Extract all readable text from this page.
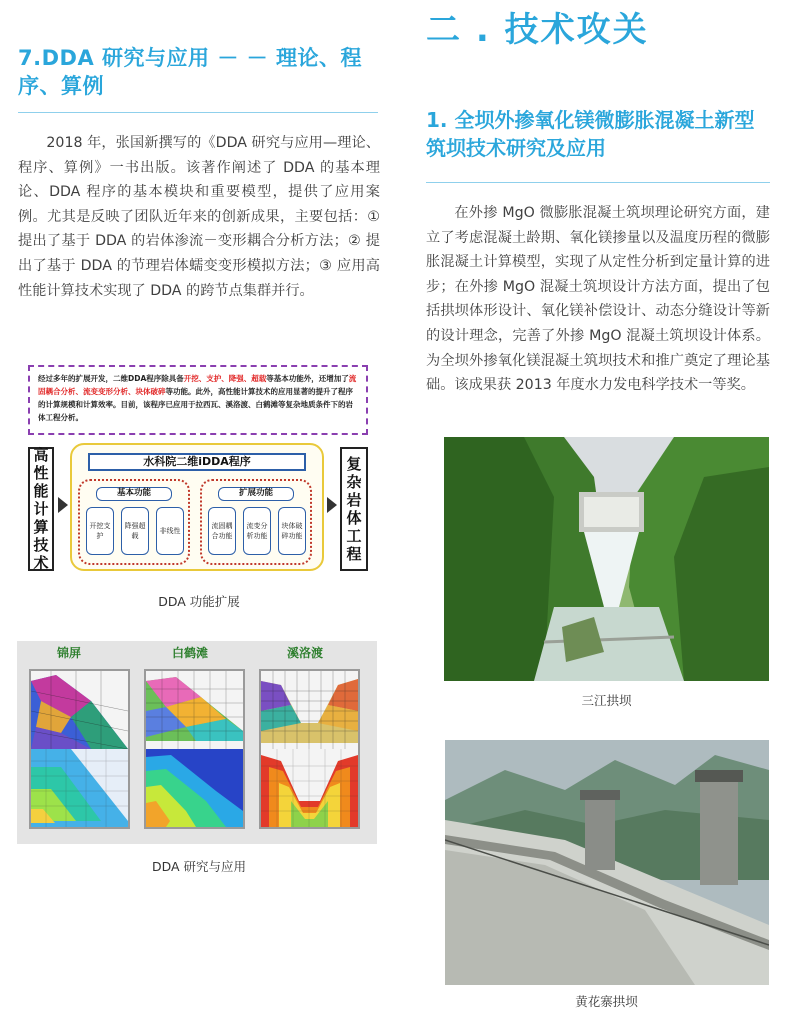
7.DDA 研究与应用 － － 理论、程序、算例

2018 年，张国新撰写的《DDA 研究与应用—理论、程序、算例》一书出版。该著作阐述了 DDA 的基本理论、DDA 程序的基本模块和重要模型，提供了应用案例。尤其是反映了团队近年来的创新成果，主要包括：①提出了基于 DDA 的岩体渗流－变形耦合分析方法；② 提出了基于 DDA 的节理岩体蠕变变形模拟方法；③ 应用高性能计算技术实现了 DDA 的跨节点集群并行。

经过多年的扩展开发，二维DDA程序除具备开挖、支护、降强、超载等基本功能外，还增加了流固耦合分析、流变变形分析、块体破碎等功能。此外，高性能计算技术的应用显著的提升了程序的计算规模和计算效率。目前，该程序已应用于拉西瓦、溪洛渡、白鹤滩等复杂地质条件下的岩体工程分析。
高性能计算技术
水科院二维iDDA程序
基本功能
开挖支护
降强超载
非线性
扩展功能
流固耦合功能
流变分析功能
块体破碎功能
复杂岩体工程

DDA 功能扩展

锦屏	白鹤滩	溪洛渡

DDA 研究与应用

二 . 技术攻关
1. 全坝外掺氧化镁微膨胀混凝土新型筑坝技术研究及应用

在外掺 MgO 微膨胀混凝土筑坝理论研究方面，建立了考虑混凝土龄期、氧化镁掺量以及温度历程的微膨胀混凝土计算模型，实现了从定性分析到定量计算的进步；在外掺 MgO 混凝土筑坝设计方法方面，提出了包括拱坝体形设计、氧化镁补偿设计、动态分缝设计等新的设计理念，完善了外掺 MgO 混凝土筑坝设计体系。为全坝外掺氧化镁混凝土筑坝技术和推广奠定了理论基础。该成果获 2013 年度水力发电科学技术一等奖。

三江拱坝

黄花寨拱坝
